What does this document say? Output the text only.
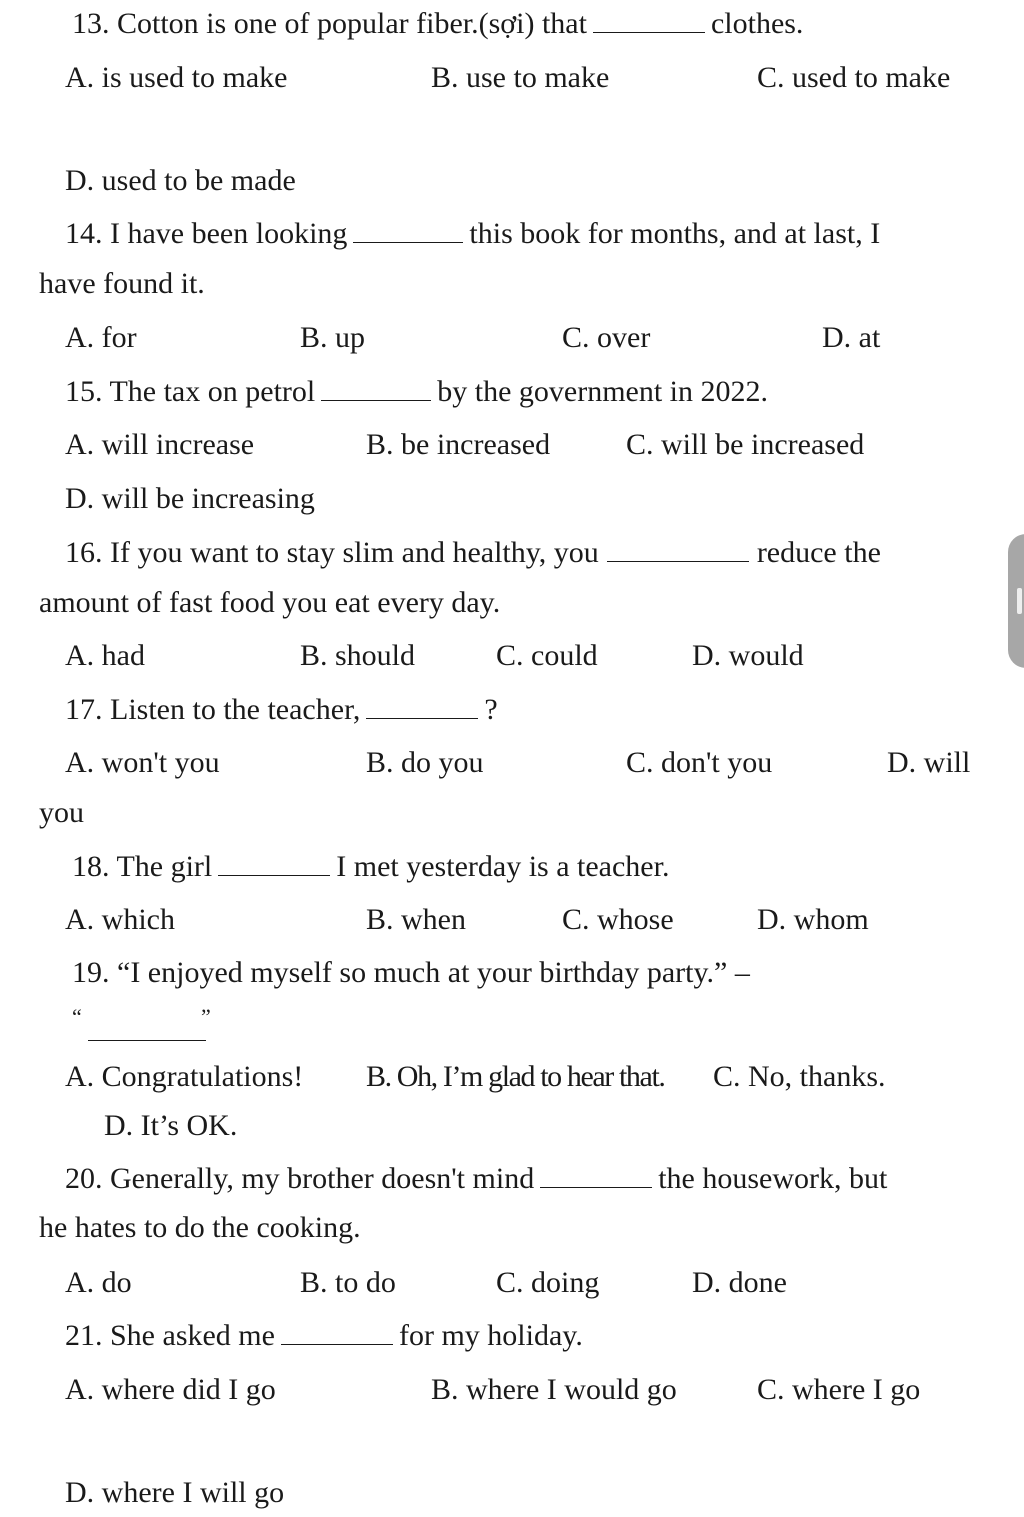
13. Cotton is one of popular fiber.(sợi) that	clothes.
A. is used to make	B. use to make	C. used to make
D. used to be made
14. I have been looking	this book for months, and at last, I
have found it.
A. for	B. up	C. over	D. at
15. The tax on petrol	by the government in 2022.
A. will increase	B. be increased	C. will be increased
D. will be increasing
16. If you want to stay slim and healthy, you	reduce the
amount of fast food you eat every day.
A. had	B. should	C. could	D. would
17. Listen to the teacher,	?
A. won't you	B. do you	C. don't you	D. will
you
18. The girl	I met yesterday is a teacher.
A. which	B. when	C. whose	D. whom
19. “I enjoyed myself so much at your birthday party.” –
“	”
A. Congratulations! B. Oh, I’m glad to hear that. C. No, thanks.
D. It’s OK.
20. Generally, my brother doesn't mind	the housework, but
he hates to do the cooking.
A. do	B. to do	C. doing	D. done
21. She asked me	for my holiday.
A. where did I go	B. where I would go	C. where I go
D. where I will go
